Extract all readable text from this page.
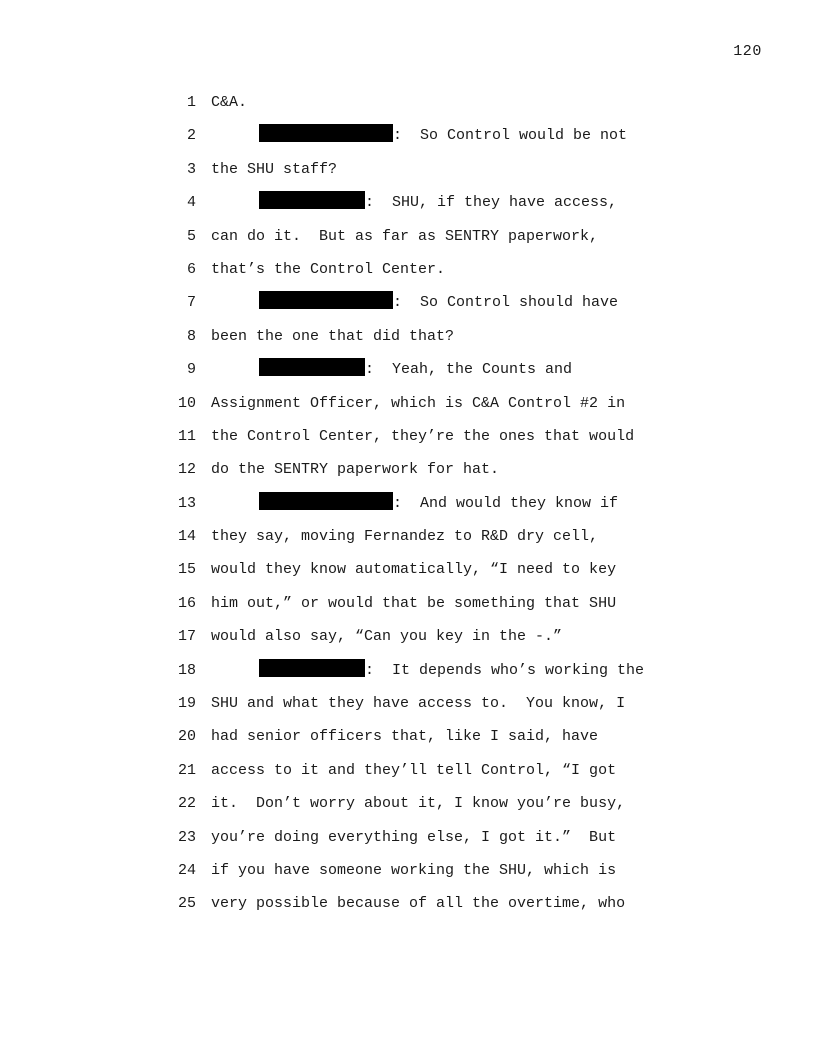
120
1 C&A.
2	:  So Control would be not
3 the SHU staff?
4	:  SHU, if they have access,
5 can do it.  But as far as SENTRY paperwork,
6 that’s the Control Center.
7	:  So Control should have
8 been the one that did that?
9	:  Yeah, the Counts and
10 Assignment Officer, which is C&A Control #2 in
11 the Control Center, they’re the ones that would
12 do the SENTRY paperwork for hat.
13	:  And would they know if
14 they say, moving Fernandez to R&D dry cell,
15 would they know automatically, “I need to key
16 him out,” or would that be something that SHU
17 would also say, “Can you key in the -.”
18	:  It depends who’s working the
19 SHU and what they have access to.  You know, I
20 had senior officers that, like I said, have
21 access to it and they’ll tell Control, “I got
22 it.  Don’t worry about it, I know you’re busy,
23 you’re doing everything else, I got it.”  But
24 if you have someone working the SHU, which is
25 very possible because of all the overtime, who
